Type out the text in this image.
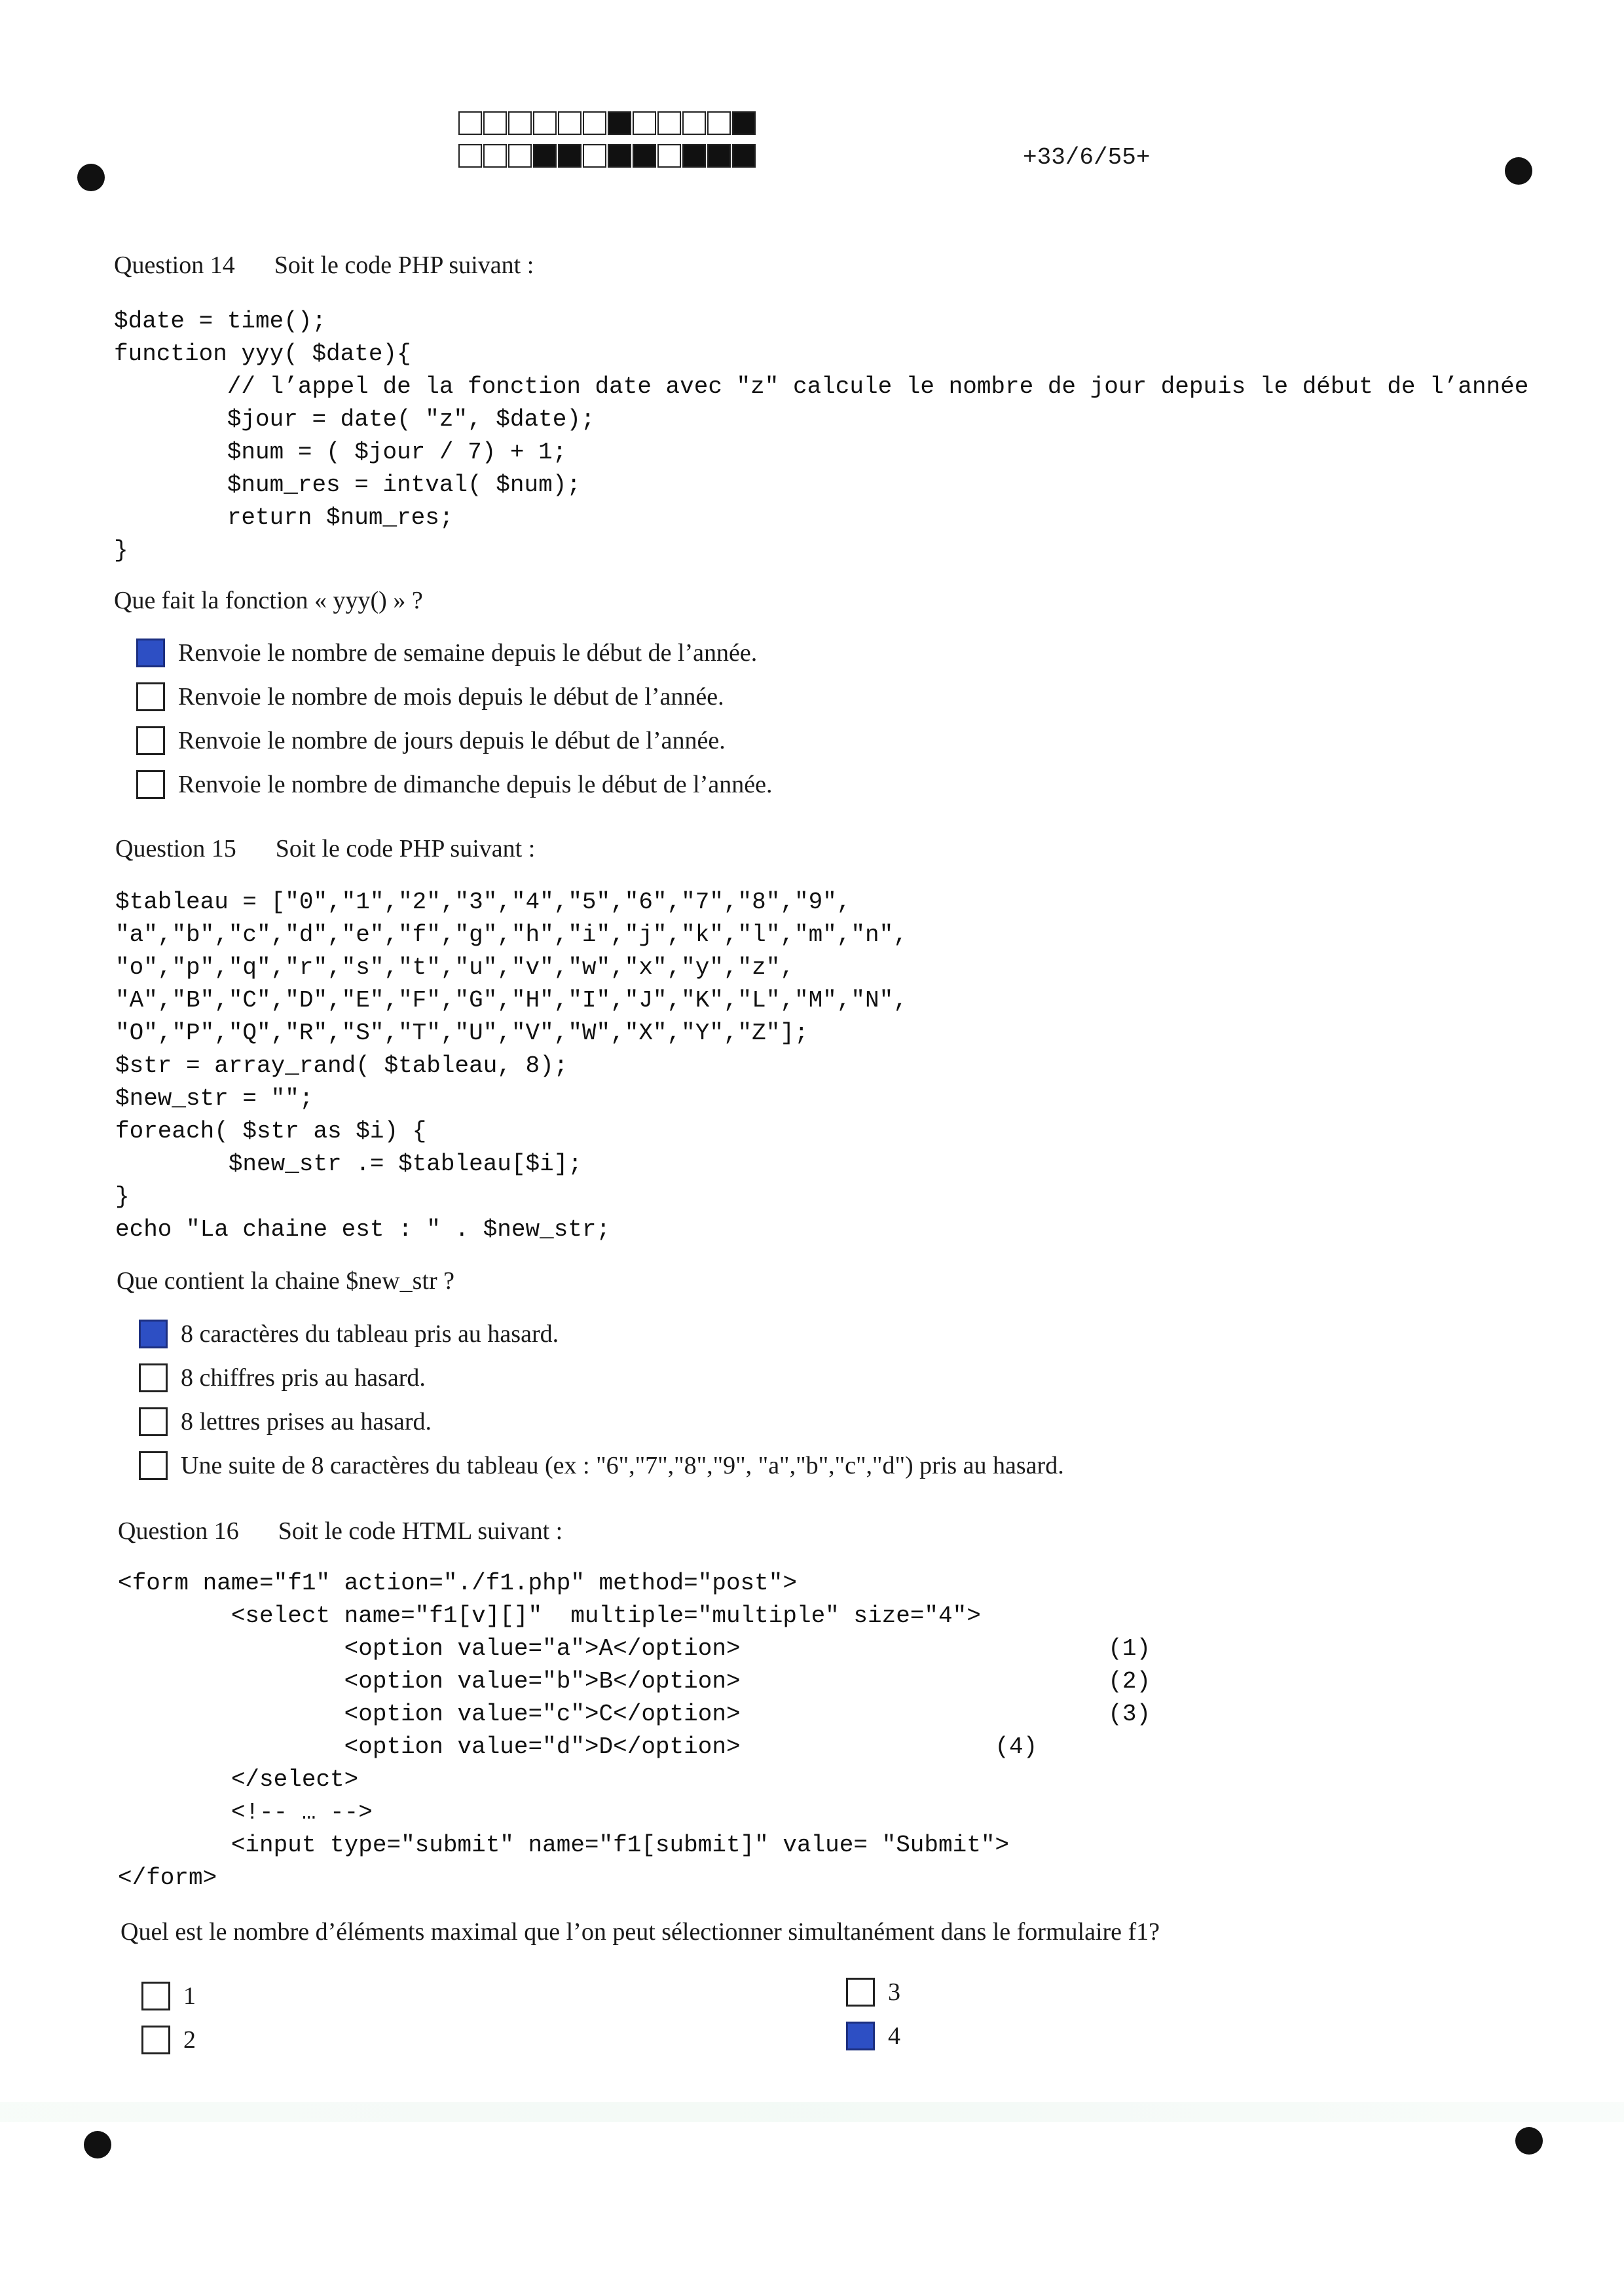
+33/6/55+
Question 14 Soit le code PHP suivant :
$date = time();
function yyy( $date){
// l’appel de la fonction date avec "z" calcule le nombre de jour depuis le début de l’année
$jour = date( "z", $date);
$num = ( $jour / 7) + 1;
$num_res = intval( $num);
return $num_res;
}
Que fait la fonction « yyy() » ?
Renvoie le nombre de semaine depuis le début de l’année.
Renvoie le nombre de mois depuis le début de l’année.
Renvoie le nombre de jours depuis le début de l’année.
Renvoie le nombre de dimanche depuis le début de l’année.
Question 15 Soit le code PHP suivant :
$tableau = ["0","1","2","3","4","5","6","7","8","9",
"a","b","c","d","e","f","g","h","i","j","k","l","m","n",
"o","p","q","r","s","t","u","v","w","x","y","z",
"A","B","C","D","E","F","G","H","I","J","K","L","M","N",
"O","P","Q","R","S","T","U","V","W","X","Y","Z"];
$str = array_rand( $tableau, 8);
$new_str = "";
foreach( $str as $i) {
$new_str .= $tableau[$i];
}
echo "La chaine est : " . $new_str;
Que contient la chaine $new_str ?
8 caractères du tableau pris au hasard.
8 chiffres pris au hasard.
8 lettres prises au hasard.
Une suite de 8 caractères du tableau (ex : "6","7","8","9", "a","b","c","d") pris au hasard.
Question 16 Soit le code HTML suivant :
<form name="f1" action="./f1.php" method="post">
<select name="f1[v][]"  multiple="multiple" size="4">
<option value="a">A</option>                          (1)
<option value="b">B</option>                          (2)
<option value="c">C</option>                          (3)
<option value="d">D</option>                  (4)
</select>
<!-- … -->
<input type="submit" name="f1[submit]" value= "Submit">
</form>
Quel est le nombre d’éléments maximal que l’on peut sélectionner simultanément dans le formulaire f1?
1
2
3
4
